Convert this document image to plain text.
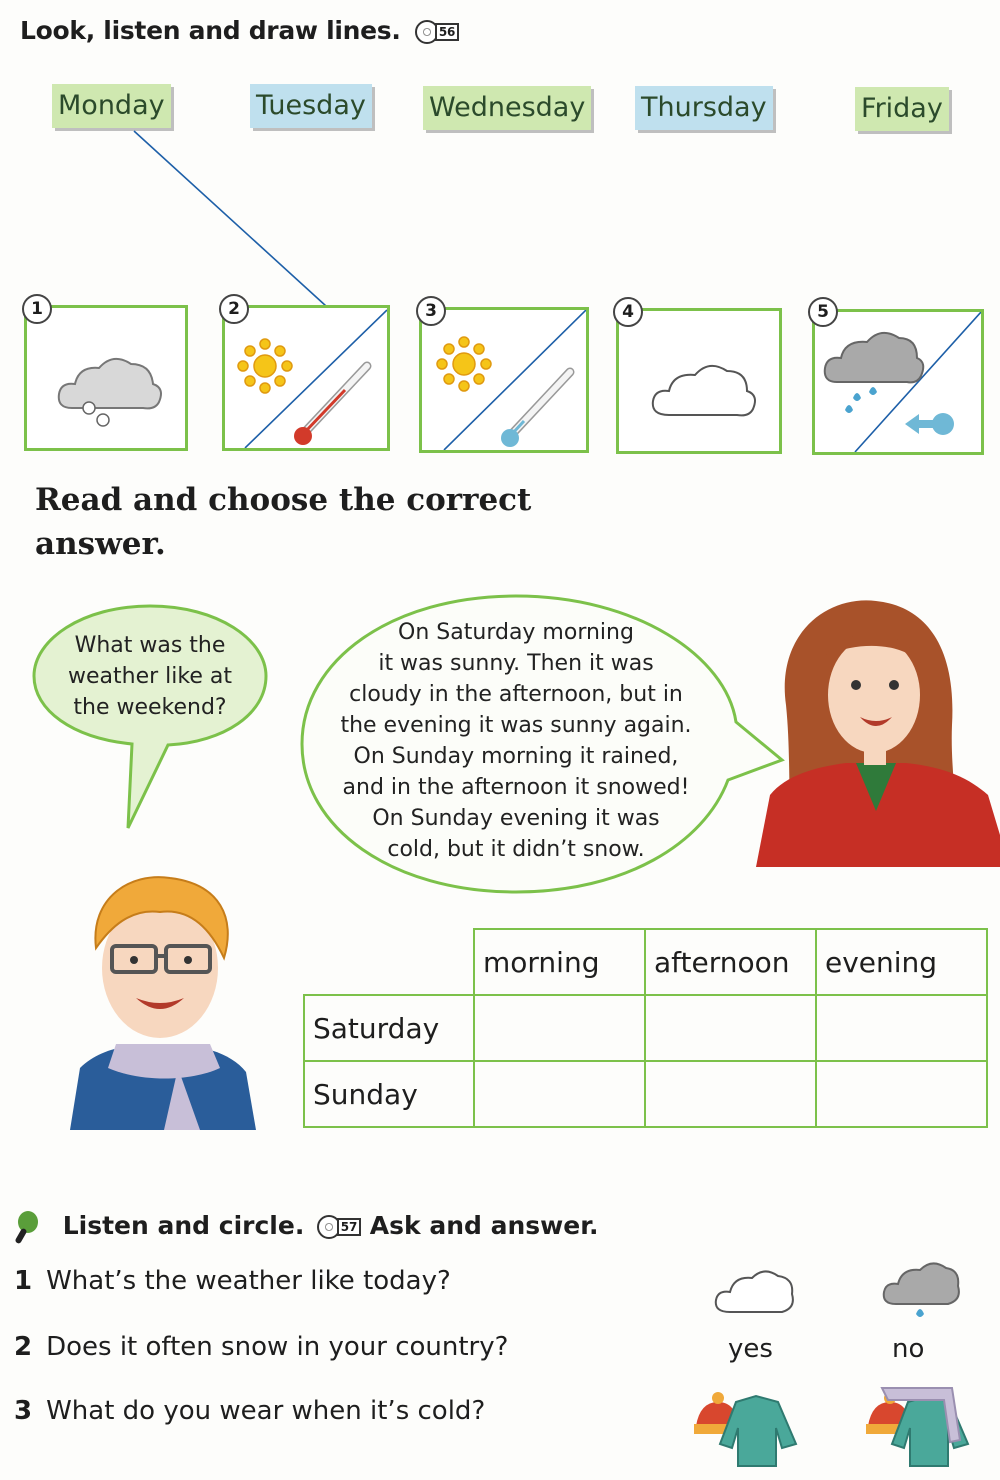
Look, listen and draw lines.	56
Monday	Tuesday Wednesday Thursday	Friday
1	2	3	4	5
Read and choose the correct
answer.
What was the
weather like at
the weekend?
On Saturday morning
it was sunny. Then it was
cloudy in the afternoon, but in
the evening it was sunny again.
On Sunday morning it rained,
and in the afternoon it snowed!
On Sunday evening it was
cold, but it didn’t snow.
	morning	afternoon	evening
Saturday			
Sunday			
Listen and circle.	57 Ask and answer.
1 What’s the weather like today?
2 Does it often snow in your country?
3 What do you wear when it’s cold?
yes	no
